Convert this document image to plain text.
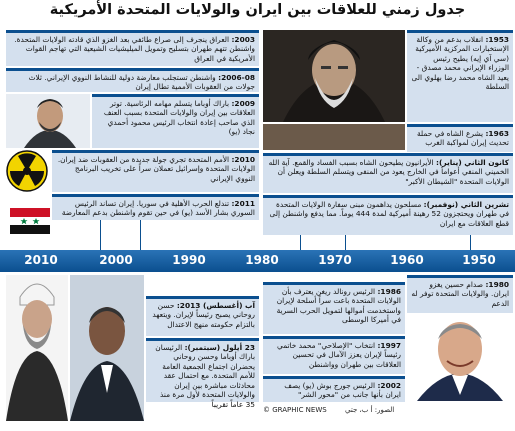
جدول زمني للعلاقات بين ايران والولايات المتحدة الأمريكية
1953: انقلاب بدعم من وكالة الإستخبارات المركزية الأميركية (سي آي إيه) يطيح رئيس الوزراء الإيراني محمد مصدق - يعيد الشاه محمد رضا بهلوي الى السلطة
1963: يشرع الشاه في حملة تحديث إيران لمواكبة الغرب
كانون الثاني (يناير): الأيرانيون يطيحون الشاه بسبب الفساد والقمع. آية الله الخميني المنفي أعواماً في الخارج يعود من المنفى ويتسلم السلطة ويعلن أن الولايات المتحدة "الشيطان الأكبر"
تشرين الثاني (نوفمبر): مسلحون يداهمون مبنى سفارة الولايات المتحدة في طهران ويحتجزون 52 رهينة أميركية لمدة 444 يوماً. مما يدفع واشنطن إلى قطع العلاقات مع ايران
2003: العراق ينجرف إلى صراع طائفي بعد الغزو الذي قادته الولايات المتحدة. واشنطن تتهم طهران بتسليح وتمويل الميليشيات الشيعية التي تهاجم القوات الأمريكية في العراق
2006-08: واشنطن تستجلب معارضة دولية للنشاط النووي الإيراني. ثلاث جولات من العقوبات الأممية تطال إيران
2009: باراك أوباما يتسلم مهامه الرئاسية. توتر العلاقات بين إيران والولايات المتحدة بسبب العنف الذي صاحب إعادة انتخاب الرئيس محمود أحمدي نجاد (يو)
2010: الأمم المتحدة تجري جولة جديدة من العقوبات ضد إيران. الولايات المتحدة وإسرائيل تعملان سراً على تخريب البرنامج النووي الإيراني
2011: تندلع الحرب الأهلية في سوريا. إيران تساند الرئيس السوري بشار الأسد (يو) في حين تقوم واشنطن بدعم المعارضة
2010	2000	1990	1980	1970	1960	1950
1980: صدام حسين يغزو ايران. والولايات المتحدة توفر له الدعم
1986: الرئيس رونالد ريغن يعترف بأن الولايات المتحدة باعت سراً أسلحة لإيران واستخدمت أموالها لتمويل الحرب السرية في أميركا الوسطى
1997: انتخاب "الإصلاحي" محمد خاتمي رئيساً لإيران يعزز الآمال في تحسين العلاقات بين طهران وواشنطن
2002: الرئيس جورج بوش (يو) يصف ايران بأنها جانب من "محور الشر"
آب (أغسطس) 2013: حسن روحاني يصبح رئيساً لإيران. ويتعهد بالتزام حكومته منهج الاعتدال
23 أيلول (سبتمبر): الرئيسان باراك أوباما وحسن روحاني يحضران اجتماع الجمعية العامة للأمم المتحدة. مع احتمال عقد محادثات مباشرة بين إيران والولايات المتحدة لأول مرة منذ 35 عاماً تقريباً
© GRAPHIC NEWS	الصور: أ ب، جتي
